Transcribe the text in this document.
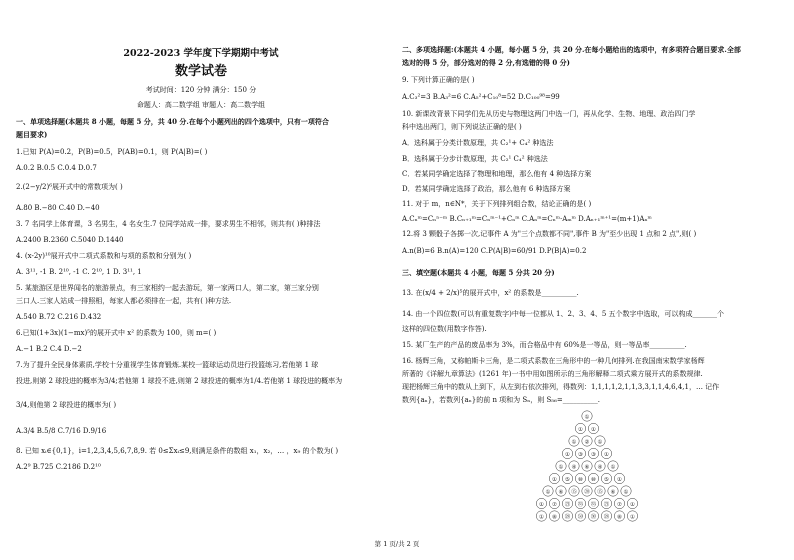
2022-2023 学年度下学期期中考试
数学试卷
考试时间：120 分钟 满分：150 分
命题人：高二数学组 审题人：高二数学组
一、单项选择题(本题共 8 小题，每题 5 分，共 40 分.在每个小题列出的四个选项中，只有一项符合
题目要求)
1.已知 P(A)=0.2，P(B)=0.5，P(AB)=0.1，则 P(A|B)=( )
A.0.2 B.0.5 C.0.4 D.0.7
2.(2−y/2)⁶展开式中的常数项为( )
A.80 B.−80 C.40 D.−40
3. 7 名同学上体育课，3 名男生，4 名女生.7 位同学站成一排，要求男生不相邻，则共有( )种排法
A.2400 B.2360 C.5040 D.1440
4. (x-2y)¹⁰展开式中二项式系数和与项的系数和分别为( )
A. 3¹¹, -1 B. 2¹⁰, -1 C. 2¹⁰, 1 D. 3¹¹, 1
5. 某旅游区是世界闻名的旅游景点，有三家相约一起去游玩，第一家两口人，第二家，第三家分别
三口人.三家人站成一排照相，每家人都必须排在一起，共有( )种方法.
A.540 B.72 C.216 D.432
6.已知(1+3x)(1−mx)⁵的展开式中 x² 的系数为 100，则 m=( )
A.−1 B.2 C.4 D.−2
7.为了提升全民身体素质,学校十分重视学生体育锻炼.某校一篮球运动员进行投篮练习,若他第 1 球
投进,则第 2 球投进的概率为3/4;若他第 1 球投不进,则第 2 球投进的概率为1/4.若他第 1 球投进的概率为
3/4,则他第 2 球投进的概率为( )
A.3/4 B.5/8 C.7/16 D.9/16
8. 已知 xᵢ∈{0,1}，i=1,2,3,4,5,6,7,8,9. 若 0≤Σxᵢ≤9,则满足条件的数组 x₁，x₂，… ，x₉ 的个数为( )
A.2⁹ B.725 C.2186 D.2¹⁰
二、多项选择题:(本题共 4 小题，每小题 5 分，共 20 分.在每小题给出的选项中，有多项符合题目要求.全部
选对的得 5 分，部分选对的得 2 分,有选错的得 0 分)
9. 下列计算正确的是( )
A.C₃²=3 B.A₃²=6 C.A₅²+C₁₀⁸=52 D.C₁₀₀⁹⁸=99
10. 新课改背景下同学们先从历史与物理这两门中选一门，再从化学、生物、地理、政治四门学
科中选出两门，则下列说法正确的是( )
A．选科属于分类计数原理，共 C₂¹+ C₄² 种选法
B．选科属于分步计数原理，共 C₂¹ C₄² 种选法
C．若某同学确定选择了物理和地理，那么他有 4 种选择方案
D．若某同学确定选择了政治，那么他有 6 种选择方案
11. 对于 m，n∈N*，关于下列排列组合数，结论正确的是( )
A.Cₙᵐ=Cₙⁿ⁻ᵐ B.Cₙ₊₁ᵐ=Cₙᵐ⁻¹+Cₙᵐ C.Aₙᵐ=Cₙᵐ·Aₘᵐ D.Aₙ₊₁ᵐ⁺¹=(m+1)Aₙᵐ
12.将 3 颗骰子各掷一次,记事件 A 为"三个点数都不同",事件 B 为"至少出现 1 点和 2 点",则( )
A.n(B)=6 B.n(A)=120 C.P(A|B)=60/91 D.P(B|A)=0.2
三、填空题(本题共 4 小题，每题 5 分共 20 分)
13. 在(x/4 + 2/x)⁵的展开式中，x² 的系数是__________.
14. 由一个四位数(可以有重复数字)中每一位都从 1、2、3、4、5 五个数字中选取，可以构成_______个
这样的四位数(用数字作答).
15. 某厂生产的产品的废品率为 3%，而合格品中有 60%是一等品，则一等品率__________.
16. 杨辉三角，又称帕斯卡三角，是二项式系数在三角形中的一种几何排列.在我国南宋数学家杨辉
所著的《详解九章算法》(1261 年)一书中用如图所示的三角形解释二项式乘方展开式的系数规律.
现把杨辉三角中的数从上到下，从左到右依次排列，得数列：1,1,1,1,2,1,1,3,3,1,1,4,6,4,1，… 记作
数列{aₙ}，若数列{aₙ}的前 n 项和为 Sₙ，则 S₅₆=__________.
①
① ①
① ② ①
① ③ ③ ①
① ④ ⑥ ④ ①
① ⑤ ⑩ ⑩ ⑤ ①
① ⑥ ⑮ ⑳ ⑮ ⑥ ①
① ⑦ ㉑ ㉟ ㉟ ㉑ ⑦ ①
① ⑧ ㉘ ㊿ ㉚ ㉘ ⑧ ①
第 1 页/共 2 页
